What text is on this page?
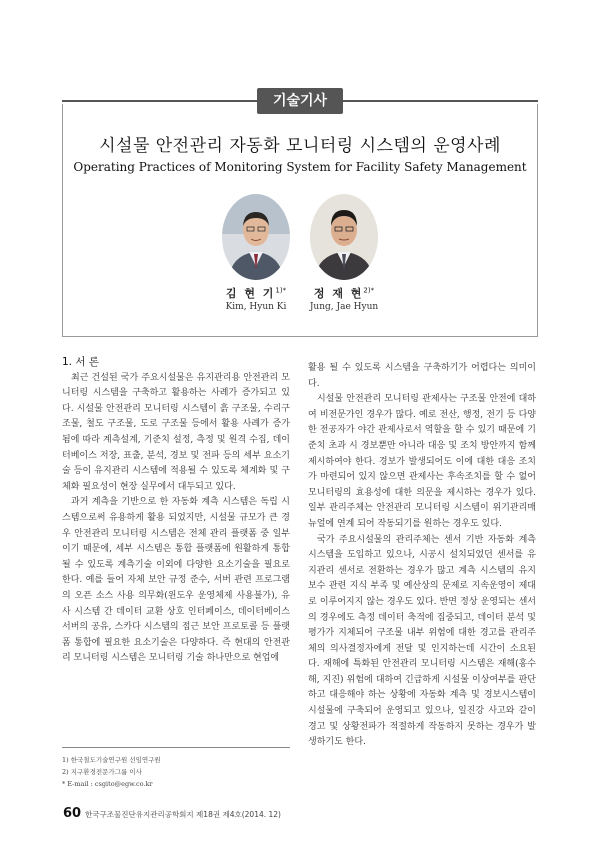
기술기사
시설물 안전관리 자동화 모니터링 시스템의 운영사례
Operating Practices of Monitoring System for Facility Safety Management
김 현 기$^{1)*}$
Kim, Hyun Ki
정 재 현$^{2)*}$
Jung, Jae Hyun

1. 서 론

최근 건설된 국가 주요시설물은 유지관리용 안전관리 모니터링 시스템을 구축하고 활용하는 사례가 증가되고 있다. 시설물 안전관리 모니터링 시스템이 흙 구조물, 수리구조물, 철도 구조물, 도로 구조물 등에서 활용 사례가 증가됨에 따라 계측설계, 기준치 설정, 측정 및 원격 수집, 데이터베이스 저장, 표출, 분석, 경보 및 전파 등의 세부 요소기술 등이 유지관리 시스템에 적용될 수 있도록 체계화 및 구체화 필요성이 현장 실무에서 대두되고 있다.

과거 계측을 기반으로 한 자동화 계측 시스템은 독립 시스템으로써 유용하게 활용 되었지만, 시설물 규모가 큰 경우 안전관리 모니터링 시스템은 전체 관리 플랫폼 중 일부이기 때문에, 세부 시스템은 통합 플랫폼에 원활하게 통합될 수 있도록 계측기술 이외에 다양한 요소기술을 필요로 한다. 예를 들어 자체 보안 규정 준수, 서버 관련 프로그램의 오픈 소스 사용 의무화(윈도우 운영체제 사용불가), 유사 시스템 간 데이터 교환 상호 인터페이스, 데이터베이스 서버의 공유, 스카다 시스템의 접근 보안 프로토콜 등 플랫폼 통합에 필요한 요소기술은 다양하다. 즉 현대의 안전관리 모니터링 시스템은 모니터링 기술 하나만으로 현업에

활용 될 수 있도록 시스템을 구축하기가 어렵다는 의미이다.

시설물 안전관리 모니터링 관제사는 구조물 안전에 대하여 비전문가인 경우가 많다. 예로 전산, 행정, 전기 등 다양한 전공자가 야간 관제사로서 역할을 할 수 있기 때문에 기준치 초과 시 경보뿐만 아니라 대응 및 조치 방안까지 함께 제시하여야 한다. 경보가 발생되어도 이에 대한 대응 조치가 마련되어 있지 않으면 관제사는 후속조치를 할 수 없어 모니터링의 효용성에 대한 의문을 제시하는 경우가 있다. 일부 관리주체는 안전관리 모니터링 시스템이 위기관리매뉴얼에 연계 되어 작동되기를 원하는 경우도 있다.

국가 주요시설물의 관리주체는 센서 기반 자동화 계측 시스템을 도입하고 있으나, 시공시 설치되었던 센서를 유지관리 센서로 전환하는 경우가 많고 계측 시스템의 유지보수 관련 지식 부족 및 예산상의 문제로 지속운영이 제대로 이루어지지 않는 경우도 있다. 반면 정상 운영되는 센서의 경우에도 측정 데이터 축적에 집중되고, 데이터 분석 및 평가가 지체되어 구조물 내부 위험에 대한 경고를 관리주체의 의사결정자에게 전달 및 인지하는데 시간이 소요된다. 재해에 특화된 안전관리 모니터링 시스템은 재해(홍수해, 지진) 위험에 대하여 긴급하게 시설물 이상여부를 판단하고 대응해야 하는 상황에 자동화 계측 및 경보시스템이 시설물에 구축되어 운영되고 있으나, 일진강 사고와 같이 경고 및 상황전파가 적절하게 작동하지 못하는 경우가 발생하기도 한다.

1) 한국철도기술연구원 선임연구원
2) 지구환경전문가그룹 이사
* E-mail : csgito@egw.co.kr
60 한국구조물진단유지관리공학회지 제18권 제4호(2014. 12)
